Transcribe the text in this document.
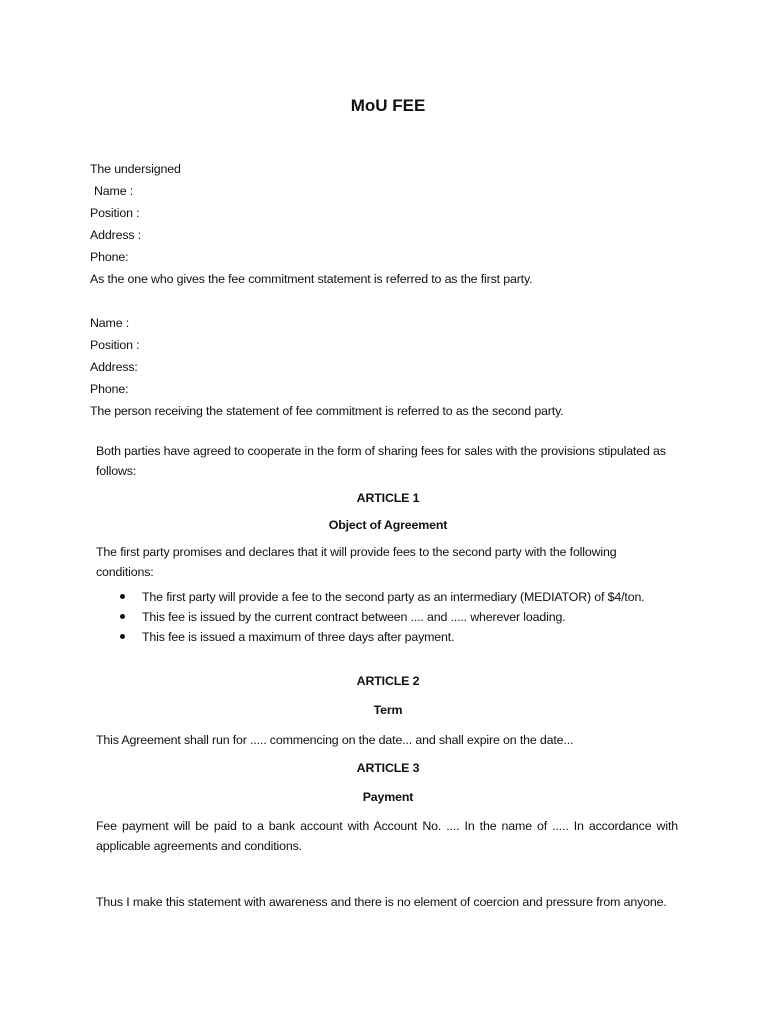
MoU FEE
The undersigned
Name :
Position :
Address :
Phone:
As the one who gives the fee commitment statement is referred to as the first party.
Name :
Position :
Address:
Phone:
The person receiving the statement of fee commitment is referred to as the second party.
Both parties have agreed to cooperate in the form of sharing fees for sales with the provisions stipulated as follows:
ARTICLE 1
Object of Agreement
The first party promises and declares that it will provide fees to the second party with the following conditions:
The first party will provide a fee to the second party as an intermediary (MEDIATOR) of $4/ton.
This fee is issued by the current contract between .... and ..... wherever loading.
This fee is issued a maximum of three days after payment.
ARTICLE 2
Term
This Agreement shall run for ..... commencing on the date... and shall expire on the date...
ARTICLE 3
Payment
Fee payment will be paid to a bank account with Account No. .... In the name of ..... In accordance with applicable agreements and conditions.
Thus I make this statement with awareness and there is no element of coercion and pressure from anyone.
